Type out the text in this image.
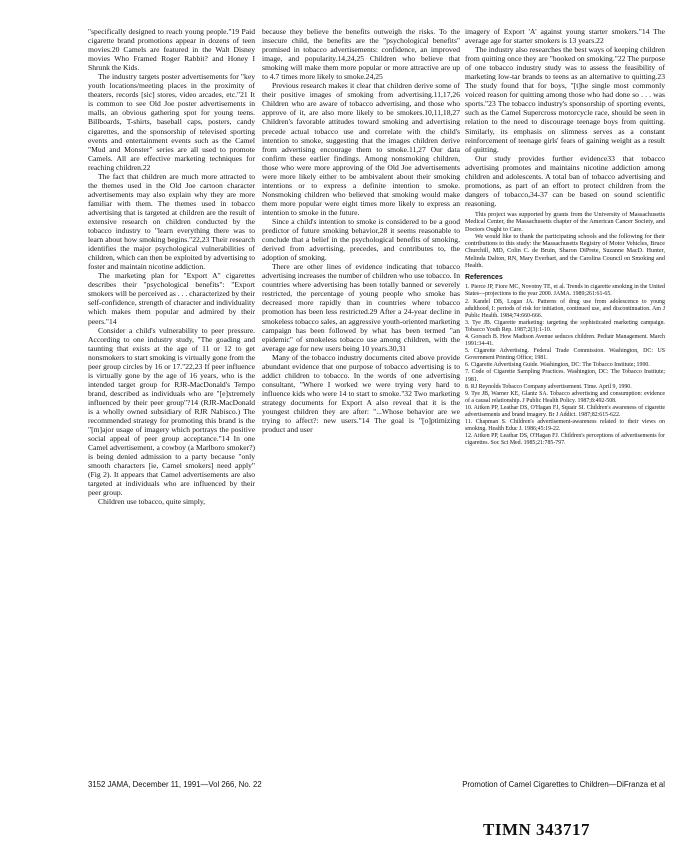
"specifically designed to reach young people."19 Paid cigarette brand promotions appear in dozens of teen movies.20 Camels are featured in the Walt Disney movies Who Framed Roger Rabbit? and Honey I Shrunk the Kids.

The industry targets poster advertisements for "key youth locations/meeting places in the proximity of theaters, records [sic] stores, video arcades, etc."21 It is common to see Old Joe poster advertisements in malls, an obvious gathering spot for young teens. Billboards, T-shirts, baseball caps, posters, candy cigarettes, and the sponsorship of televised sporting events and entertainment events such as the Camel "Mud and Monster" series are all used to promote Camels. All are effective marketing techniques for reaching children.22

The fact that children are much more attracted to the themes used in the Old Joe cartoon character advertisements may also explain why they are more familiar with them. The themes used in tobacco advertising that is targeted at children are the result of extensive research on children conducted by the tobacco industry to "learn everything there was to learn about how smoking begins."22,23 Their research identifies the major psychological vulnerabilities of children, which can then be exploited by advertising to foster and maintain nicotine addiction.

The marketing plan for "Export A" cigarettes describes their "psychological benefits": "Export smokers will be perceived as . . . characterized by their self-confidence, strength of character and individuality which makes them popular and admired by their peers."14

Consider a child's vulnerability to peer pressure. According to one industry study, "The goading and taunting that exists at the age of 11 or 12 to get nonsmokers to start smoking is virtually gone from the peer group circles by 16 or 17."22,23 If peer influence is virtually gone by the age of 16 years, who is the intended target group for RJR-MacDonald's Tempo brand, described as individuals who are "[e]xtremely influenced by their peer group"?14 (RJR-MacDonald is a wholly owned subsidiary of RJR Nabisco.) The recommended strategy for promoting this brand is the "[m]ajor usage of imagery which portrays the positive social appeal of peer group acceptance."14 In one Camel advertisement, a cowboy (a Marlboro smoker?) is being denied admission to a party because "only smooth characters [ie, Camel smokers] need apply" (Fig 2). It appears that Camel advertisements are also targeted at individuals who are influenced by their peer group.

Children use tobacco, quite simply,

because they believe the benefits outweigh the risks. To the insecure child, the benefits are the "psychological benefits" promised in tobacco advertisements: confidence, an improved image, and popularity.14,24,25 Children who believe that smoking will make them more popular or more attractive are up to 4.7 times more likely to smoke.24,25

Previous research makes it clear that children derive some of their positive images of smoking from advertising.11,17,26 Children who are aware of tobacco advertising, and those who approve of it, are also more likely to be smokers.10,11,18,27 Children's favorable attitudes toward smoking and advertising precede actual tobacco use and correlate with the child's intention to smoke, suggesting that the images children derive from advertising encourage them to smoke.11,27 Our data confirm these earlier findings. Among nonsmoking children, those who were more approving of the Old Joe advertisements were more likely either to be ambivalent about their smoking intentions or to express a definite intention to smoke. Nonsmoking children who believed that smoking would make them more popular were eight times more likely to express an intention to smoke in the future.

Since a child's intention to smoke is considered to be a good predictor of future smoking behavior,28 it seems reasonable to conclude that a belief in the psychological benefits of smoking, derived from advertising, precedes, and contributes to, the adoption of smoking.

There are other lines of evidence indicating that tobacco advertising increases the number of children who use tobacco. In countries where advertising has been totally banned or severely restricted, the percentage of young people who smoke has decreased more rapidly than in countries where tobacco promotion has been less restricted.29 After a 24-year decline in smokeless tobacco sales, an aggressive youth-oriented marketing campaign has been followed by what has been termed "an epidemic" of smokeless tobacco use among children, with the average age for new users being 10 years.30,31

Many of the tobacco industry documents cited above provide abundant evidence that one purpose of tobacco advertising is to addict children to tobacco. In the words of one advertising consultant, "Where I worked we were trying very hard to influence kids who were 14 to start to smoke."32 Two marketing strategy documents for Export A also reveal that it is the youngest children they are after: "...Whose behavior are we trying to affect?: new users."14 The goal is "[o]ptimizing product and user

imagery of Export 'A' against young starter smokers."14 The average age for starter smokers is 13 years.22

The industry also researches the best ways of keeping children from quitting once they are "hooked on smoking."22 The purpose of one tobacco industry study was to assess the feasibility of marketing low-tar brands to teens as an alternative to quitting.23 The study found that for boys, "[t]he single most commonly voiced reason for quitting among those who had done so . . . was sports."23 The tobacco industry's sponsorship of sporting events, such as the Camel Supercross motorcycle race, should be seen in relation to the need to discourage teenage boys from quitting. Similarly, its emphasis on slimness serves as a constant reinforcement of teenage girls' fears of gaining weight as a result of quitting.

Our study provides further evidence33 that tobacco advertising promotes and maintains nicotine addiction among children and adolescents. A total ban of tobacco advertising and promotions, as part of an effort to protect children from the dangers of tobacco,34-37 can be based on sound scientific reasoning.

This project was supported by grants from the University of Massachusetts Medical Center, the Massachusetts chapter of the American Cancer Society, and Doctors Ought to Care.

We would like to thank the participating schools and the following for their contributions to this study: the Massachusetts Registry of Motor Vehicles, Bruce Churchill, MD, Colin C. de Bruin, Sharon DiPrete, Suzanne MacD. Hunter, Melinda Dalton, RN, Mary Everhart, and the Carolina Council on Smoking and Health.

References
1. Pierce JP, Fiore MC, Novotny TE, et al. Trends in cigarette smoking in the United States—projections to the year 2000. JAMA. 1989;261:61-65.
2. Kandel DB, Logan JA. Patterns of drug use from adolescence to young adulthood, I: periods of risk for initiation, continued use, and discontinuation. Am J Public Health. 1984;74:660-666.
3. Tye JB. Cigarette marketing: targeting the sophisticated marketing campaign. Tobacco Youth Rep. 1987;2(3):1-10.
4. Gorsuch B. How Madison Avenue seduces children. Pediatr Management. March 1991:34-41.
5. Cigarette Advertising. Federal Trade Commission. Washington, DC: US Government Printing Office; 1981.
6. Cigarette Advertising Guide. Washington, DC: The Tobacco Institute; 1990.
7. Code of Cigarette Sampling Practices. Washington, DC: The Tobacco Institute; 1981.
8. RJ Reynolds Tobacco Company advertisement. Time. April 9, 1990.
9. Tye JB, Warner KE, Glantz SA. Tobacco advertising and consumption: evidence of a causal relationship. J Public Health Policy. 1987;8:492-508.
10. Aitken PP, Leathar DS, O'Hagan FJ, Squair SI. Children's awareness of cigarette advertisements and brand imagery. Br J Addict. 1987;82:615-622.
11. Chapman S. Children's advertisement-awareness related to their views on smoking. Health Educ J. 1986;45:19-22.
12. Aitken PP, Leathar DS, O'Hagan FJ. Children's perceptions of advertisements for cigarettes. Soc Sci Med. 1985;21:785-797.
3152 JAMA, December 11, 1991—Vol 266, No. 22	Promotion of Camel Cigarettes to Children—DiFranza et al
TIMN 343717
